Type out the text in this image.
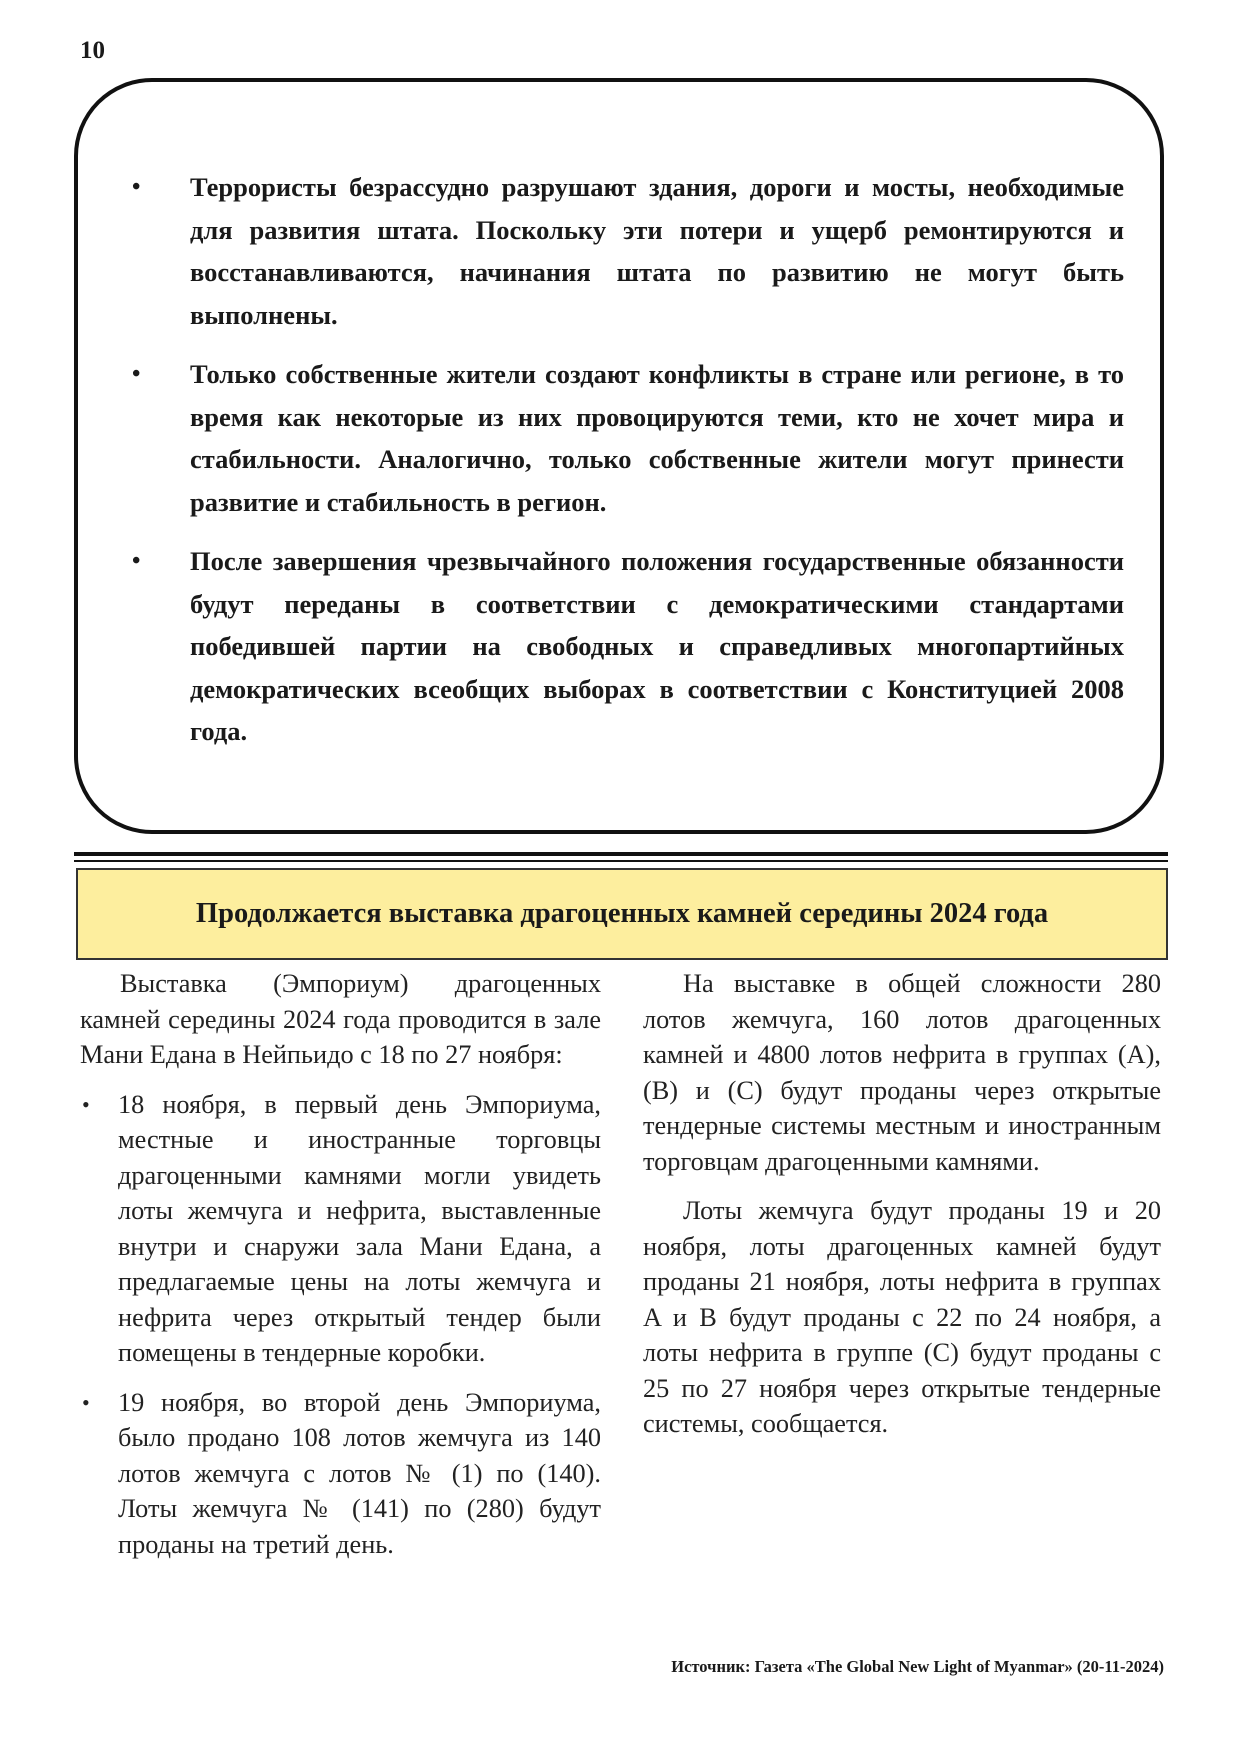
10
• Террористы безрассудно разрушают здания, дороги и мосты, необходимые для развития штата. Поскольку эти потери и ущерб ремонтируются и восстанавливаются, начинания штата по развитию не могут быть выполнены.
• Только собственные жители создают конфликты в стране или регионе, в то время как некоторые из них провоцируются теми, кто не хочет мира и стабильности. Аналогично, только собственные жители могут принести развитие и стабильность в регион.
• После завершения чрезвычайного положения государственные обязанности будут переданы в соответствии с демократическими стандартами победившей партии на свободных и справедливых многопартийных демократических всеобщих выборах в соответствии с Конституцией 2008 года.
Продолжается выставка драгоценных камней середины 2024 года

Выставка (Эмпориум) драгоценных камней середины 2024 года проводится в зале Мани Едана в Нейпьидо с 18 по 27 ноября:

• 18 ноября, в первый день Эмпориума, местные и иностранные торговцы драгоценными камнями могли увидеть лоты жемчуга и нефрита, выставленные внутри и снаружи зала Мани Едана, а предлагаемые цены на лоты жемчуга и нефрита через открытый тендер были помещены в тендерные коробки.
• 19 ноября, во второй день Эмпориума, было продано 108 лотов жемчуга из 140 лотов жемчуга с лотов № (1) по (140). Лоты жемчуга № (141) по (280) будут проданы на третий день.

На выставке в общей сложности 280 лотов жемчуга, 160 лотов драгоценных камней и 4800 лотов нефрита в группах (A), (B) и (C) будут проданы через открытые тендерные системы местным и иностранным торговцам драгоценными камнями.

Лоты жемчуга будут проданы 19 и 20 ноября, лоты драгоценных камней будут проданы 21 ноября, лоты нефрита в группах A и B будут проданы с 22 по 24 ноября, а лоты нефрита в группе (C) будут проданы с 25 по 27 ноября через открытые тендерные системы, сообщается.

Источник: Газета «The Global New Light of Myanmar» (20-11-2024)
